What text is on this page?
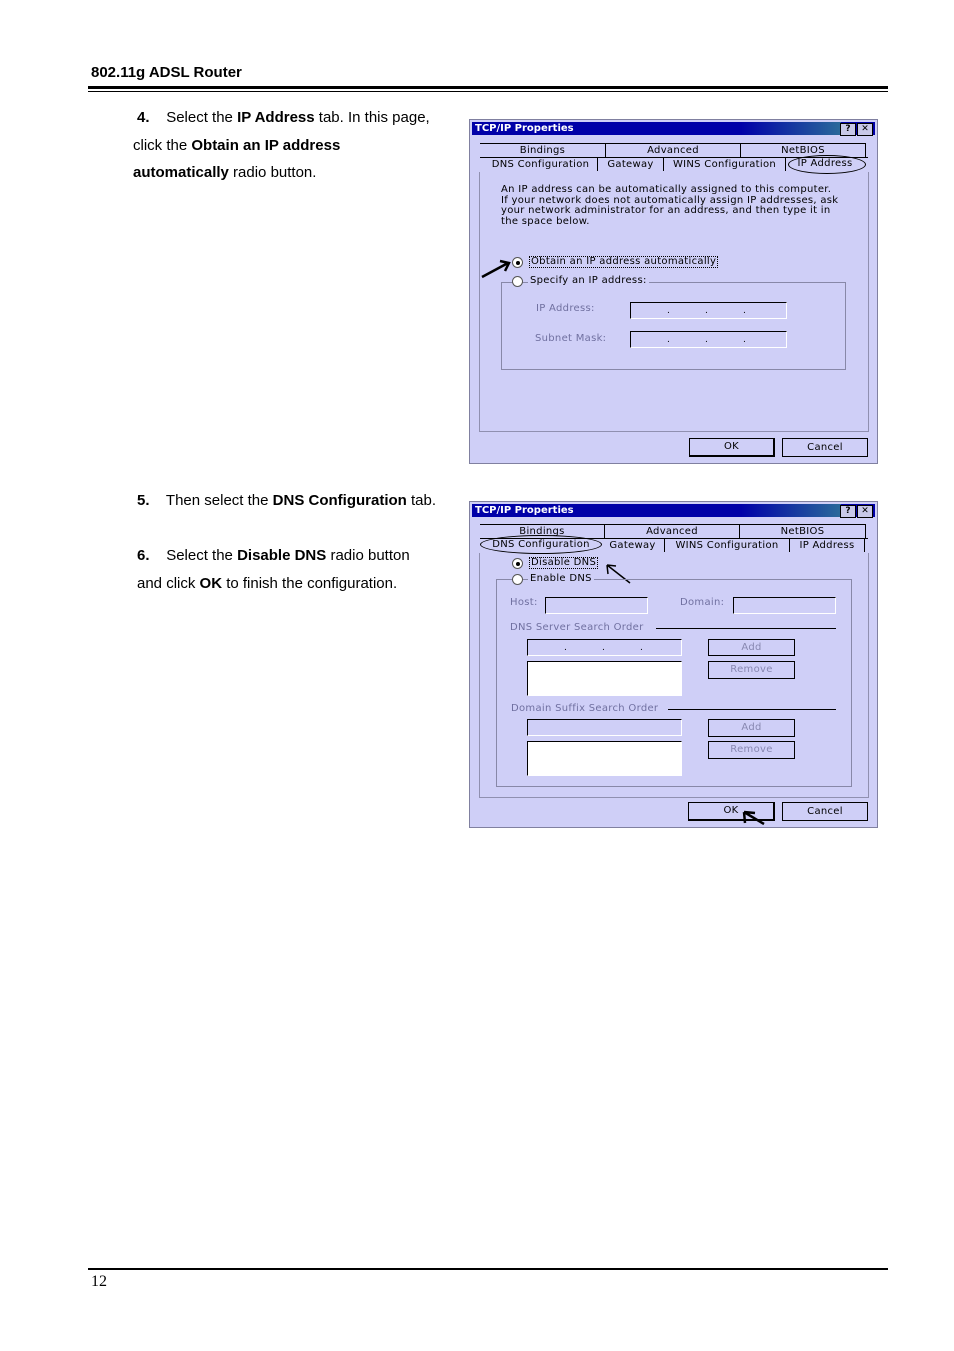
802.11g ADSL Router
4. Select the IP Address tab. In this page, click the Obtain an IP address automatically radio button.
5. Then select the DNS Configuration tab.
6. Select the Disable DNS radio button and click OK to finish the configuration.
TCP/IP Properties	?	✕
Bindings	Advanced	NetBIOS
DNS Configuration	Gateway	WINS Configuration	IP Address
An IP address can be automatically assigned to this computer.
If your network does not automatically assign IP addresses, ask
your network administrator for an address, and then type it in
the space below.
Obtain an IP address automatically
Specify an IP address:
IP Address:	.	.	.
Subnet Mask:	.	.	.
OK	Cancel
TCP/IP Properties	?	✕
Bindings	Advanced	NetBIOS
DNS Configuration	Gateway	WINS Configuration	IP Address
Disable DNS
Enable DNS
Host:	Domain:
DNS Server Search Order
.	.	.	Add
Remove
Domain Suffix Search Order
Add
Remove
OK	Cancel
12
